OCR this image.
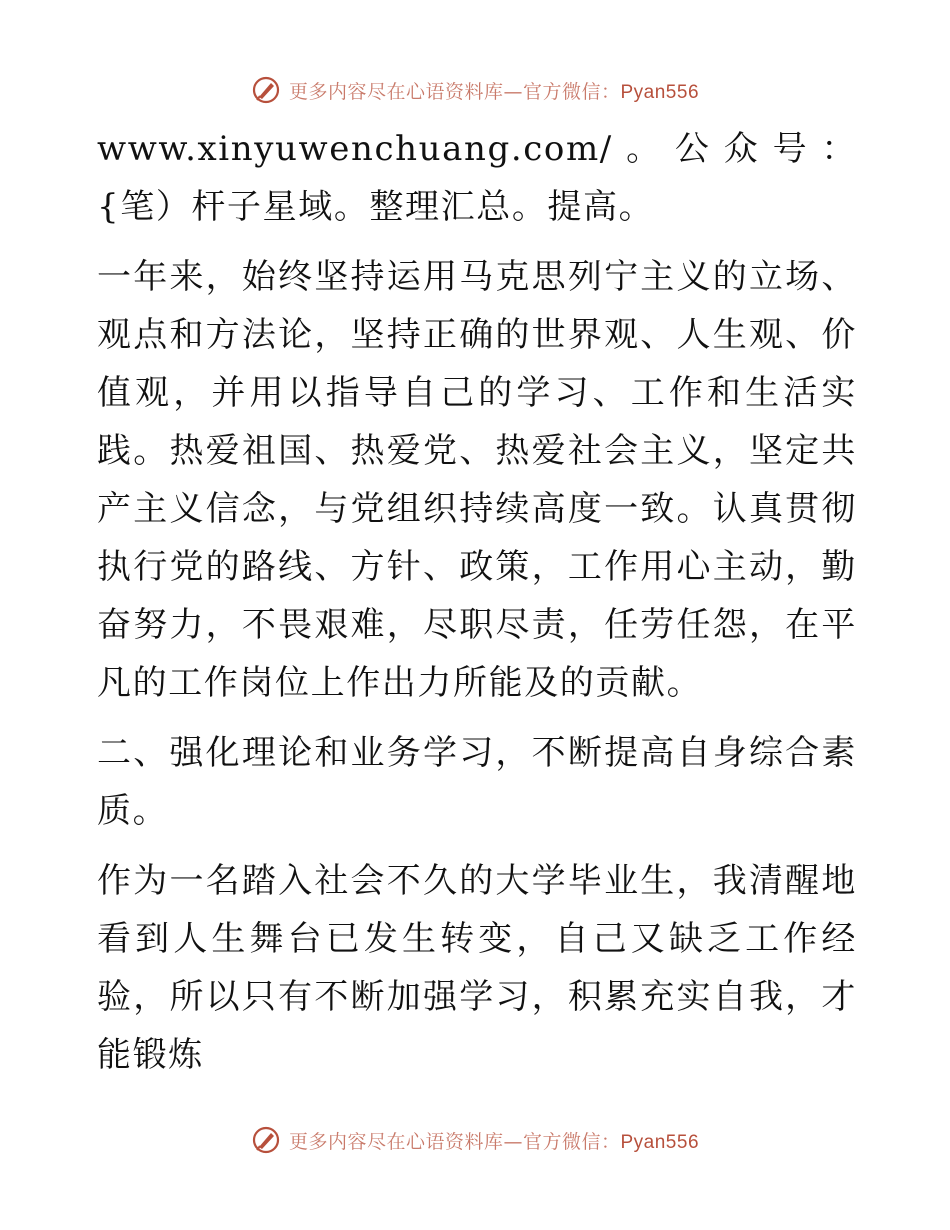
更多内容尽在心语资料库—官方微信：Pyan556

www.xinyuwenchuang.com/。公众号：{笔）杆子星域。整理汇总。提高。

一年来，始终坚持运用马克思列宁主义的立场、观点和方法论，坚持正确的世界观、人生观、价值观，并用以指导自己的学习、工作和生活实践。热爱祖国、热爱党、热爱社会主义，坚定共产主义信念，与党组织持续高度一致。认真贯彻执行党的路线、方针、政策，工作用心主动，勤奋努力，不畏艰难，尽职尽责，任劳任怨，在平凡的工作岗位上作出力所能及的贡献。

二、强化理论和业务学习，不断提高自身综合素质。

作为一名踏入社会不久的大学毕业生，我清醒地看到人生舞台已发生转变，自己又缺乏工作经验，所以只有不断加强学习，积累充实自我，才能锻炼

更多内容尽在心语资料库—官方微信：Pyan556
